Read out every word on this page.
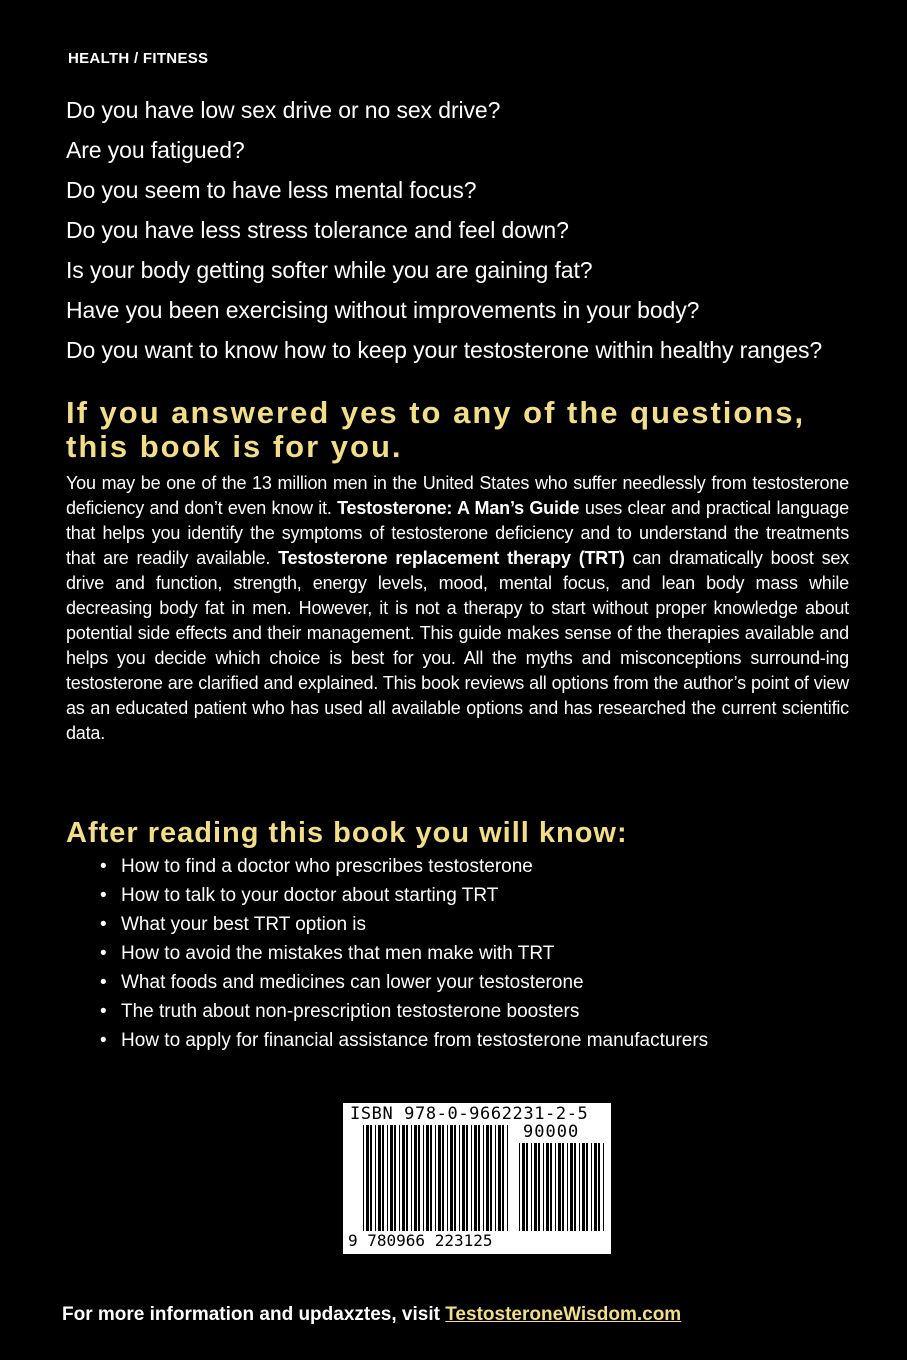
HEALTH / FITNESS
Do you have low sex drive or no sex drive?
Are you fatigued?
Do you seem to have less mental focus?
Do you have less stress tolerance and feel down?
Is your body getting softer while you are gaining fat?
Have you been exercising without improvements in your body?
Do you want to know how to keep your testosterone within healthy ranges?
If you answered yes to any of the questions, this book is for you.
You may be one of the 13 million men in the United States who suffer needlessly from testosterone deficiency and don’t even know it. Testosterone: A Man’s Guide uses clear and practical language that helps you identify the symptoms of testosterone deficiency and to understand the treatments that are readily available. Testosterone replacement therapy (TRT) can dramatically boost sex drive and function, strength, energy levels, mood, mental focus, and lean body mass while decreasing body fat in men. However, it is not a therapy to start without proper knowledge about potential side effects and their management. This guide makes sense of the therapies available and helps you decide which choice is best for you. All the myths and misconceptions surround-ing testosterone are clarified and explained. This book reviews all options from the author’s point of view as an educated patient who has used all available options and has researched the current scientific data.
After reading this book you will know:
• How to find a doctor who prescribes testosterone
• How to talk to your doctor about starting TRT
• What your best TRT option is
• How to avoid the mistakes that men make with TRT
• What foods and medicines can lower your testosterone
• The truth about non-prescription testosterone boosters
• How to apply for financial assistance from testosterone manufacturers
ISBN 978-0-9662231-2-5
90000
9 780966 223125
For more information and updaxztes, visit TestosteroneWisdom.com
